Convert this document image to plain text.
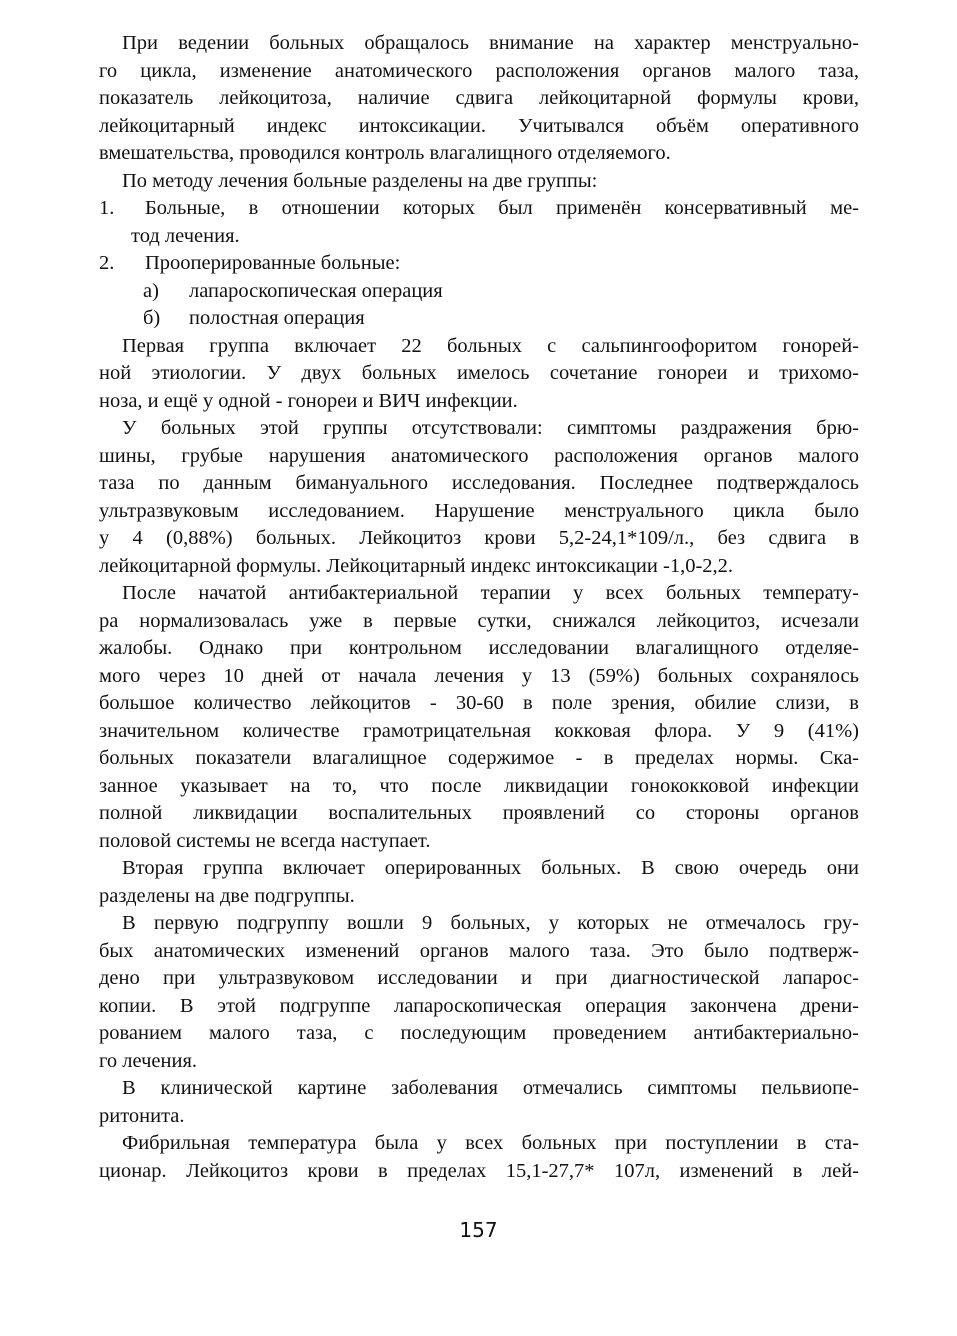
При ведении больных обращалось внимание на характер менструально-
го цикла, изменение анатомического расположения органов малого таза,
показатель лейкоцитоза, наличие сдвига лейкоцитарной формулы крови,
лейкоцитарный индекс интоксикации. Учитывался объём оперативного
вмешательства, проводился контроль влагалищного отделяемого.
По методу лечения больные разделены на две группы:
1.	Больные, в отношении которых был применён консервативный ме-
тод лечения.
2.	Прооперированные больные:
а)	лапароскопическая операция
б)	полостная операция
Первая группа включает 22 больных с сальпингоофоритом гонорей-
ной этиологии. У двух больных имелось сочетание гонореи и трихомо-
ноза, и ещё у одной - гонореи и ВИЧ инфекции.
У больных этой группы отсутствовали: симптомы раздражения брю-
шины, грубые нарушения анатомического расположения органов малого
таза по данным бимануального исследования. Последнее подтверждалось
ультразвуковым исследованием. Нарушение менструального цикла было
у 4 (0,88%) больных. Лейкоцитоз крови 5,2-24,1*109/л., без сдвига в
лейкоцитарной формулы. Лейкоцитарный индекс интоксикации -1,0-2,2.
После начатой антибактериальной терапии у всех больных температу-
ра нормализовалась уже в первые сутки, снижался лейкоцитоз, исчезали
жалобы. Однако при контрольном исследовании влагалищного отделяе-
мого через 10 дней от начала лечения у 13 (59%) больных сохранялось
большое количество лейкоцитов - 30-60 в поле зрения, обилие слизи, в
значительном количестве грамотрицательная кокковая флора. У 9 (41%)
больных показатели влагалищное содержимое - в пределах нормы. Ска-
занное указывает на то, что после ликвидации гонококковой инфекции
полной ликвидации воспалительных проявлений со стороны органов
половой системы не всегда наступает.
Вторая группа включает оперированных больных. В свою очередь они
разделены на две подгруппы.
В первую подгруппу вошли 9 больных, у которых не отмечалось гру-
бых анатомических изменений органов малого таза. Это было подтверж-
дено при ультразвуковом исследовании и при диагностической лапарос-
копии. В этой подгруппе лапароскопическая операция закончена дрени-
рованием малого таза, с последующим проведением антибактериально-
го лечения.
В клинической картине заболевания отмечались симптомы пельвиопе-
ритонита.
Фибрильная температура была у всех больных при поступлении в ста-
ционар. Лейкоцитоз крови в пределах 15,1-27,7* 107л, изменений в лей-
157
